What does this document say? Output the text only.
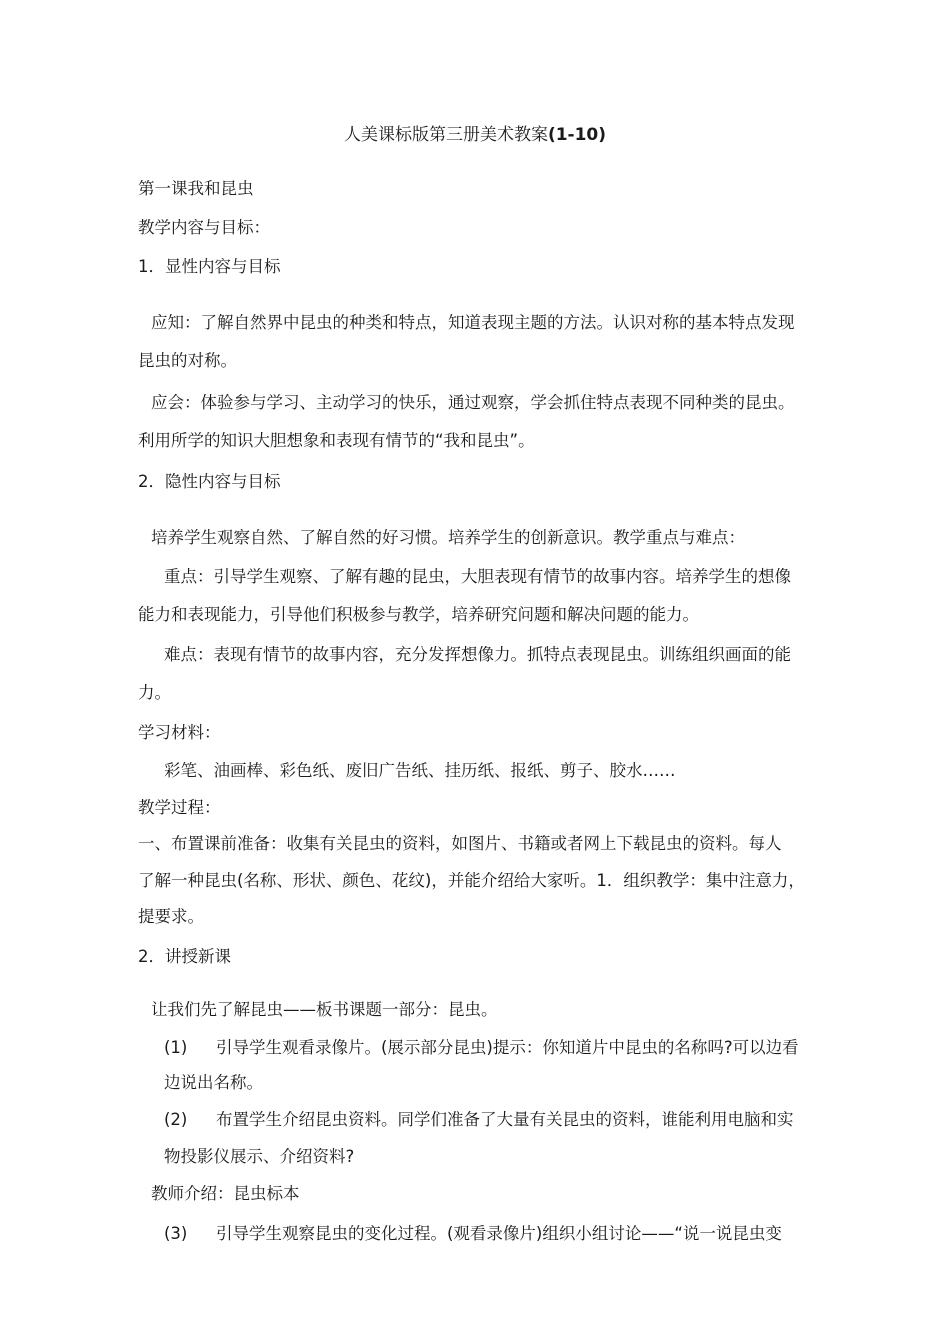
人美课标版第三册美术教案(1-10)
第一课我和昆虫
教学内容与目标：
1．显性内容与目标
应知：了解自然界中昆虫的种类和特点，知道表现主题的方法。认识对称的基本特点发现
昆虫的对称。
应会：体验参与学习、主动学习的快乐，通过观察，学会抓住特点表现不同种类的昆虫。
利用所学的知识大胆想象和表现有情节的“我和昆虫”。
2．隐性内容与目标
培养学生观察自然、了解自然的好习惯。培养学生的创新意识。教学重点与难点：
重点：引导学生观察、了解有趣的昆虫，大胆表现有情节的故事内容。培养学生的想像
能力和表现能力，引导他们积极参与教学，培养研究问题和解决问题的能力。
难点：表现有情节的故事内容，充分发挥想像力。抓特点表现昆虫。训练组织画面的能
力。
学习材料：
彩笔、油画棒、彩色纸、废旧广告纸、挂历纸、报纸、剪子、胶水……
教学过程：
一、布置课前准备：收集有关昆虫的资料，如图片、书籍或者网上下载昆虫的资料。每人
了解一种昆虫(名称、形状、颜色、花纹)，并能介绍给大家听。1．组织教学：集中注意力，
提要求。
2．讲授新课
让我们先了解昆虫——板书课题一部分：昆虫。
(1) 引导学生观看录像片。(展示部分昆虫)提示：你知道片中昆虫的名称吗?可以边看
边说出名称。
(2) 布置学生介绍昆虫资料。同学们准备了大量有关昆虫的资料，谁能利用电脑和实
物投影仪展示、介绍资料?
教师介绍：昆虫标本
(3) 引导学生观察昆虫的变化过程。(观看录像片)组织小组讨论——“说一说昆虫变
